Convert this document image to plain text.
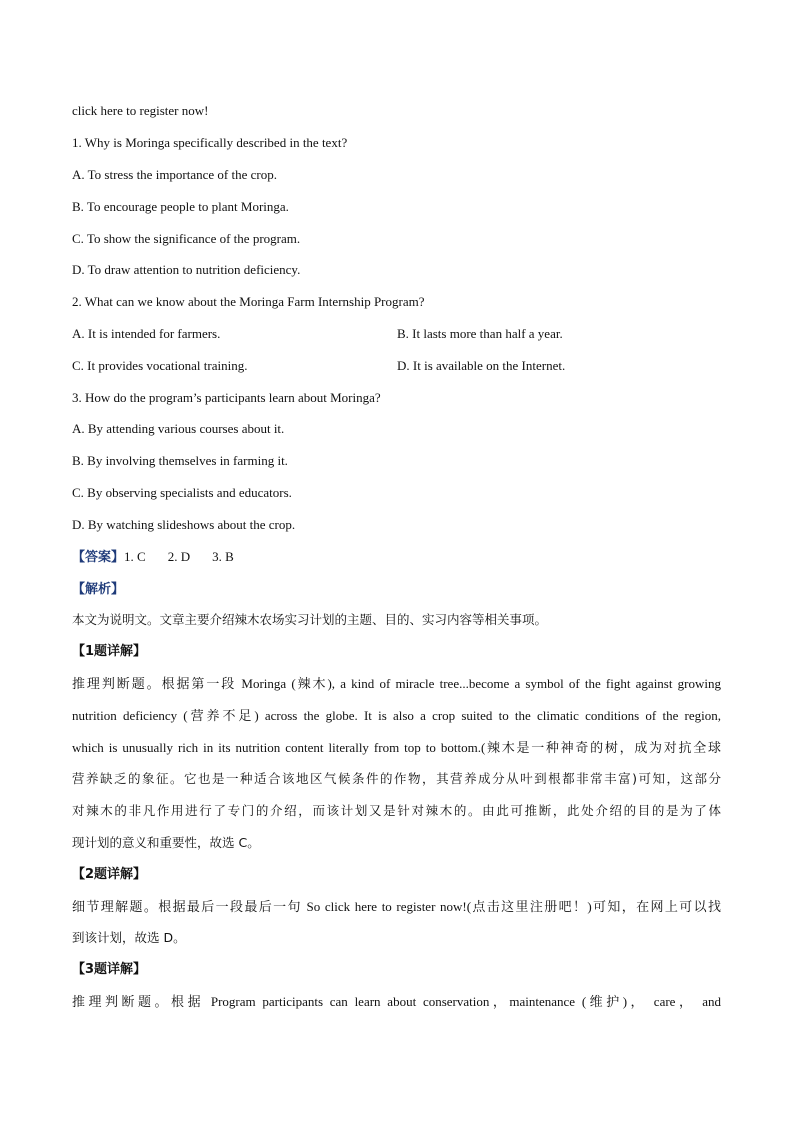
click here to register now!
1. Why is Moringa specifically described in the text?
A. To stress the importance of the crop.
B. To encourage people to plant Moringa.
C. To show the significance of the program.
D. To draw attention to nutrition deficiency.
2. What can we know about the Moringa Farm Internship Program?
A. It is intended for farmers.	B. It lasts more than half a year.
C. It provides vocational training.	D. It is available on the Internet.
3. How do the program’s participants learn about Moringa?
A. By attending various courses about it.
B. By involving themselves in farming it.
C. By observing specialists and educators.
D. By watching slideshows about the crop.
【答案】1. C 2. D 3. B
【解析】
本文为说明文。文章主要介绍辣木农场实习计划的主题、目的、实习内容等相关事项。
【1题详解】
推理判断题。根据第一段 Moringa (辣木), a kind of miracle tree...become a symbol of the fight against growing
nutrition deficiency (营养不足) across the globe. It is also a crop suited to the climatic conditions of the region,
which is unusually rich in its nutrition content literally from top to bottom.(辣木是一种神奇的树，成为对抗全球
营养缺乏的象征。它也是一种适合该地区气候条件的作物，其营养成分从叶到根都非常丰富)可知，这部分
对辣木的非凡作用进行了专门的介绍，而该计划又是针对辣木的。由此可推断，此处介绍的目的是为了体
现计划的意义和重要性，故选 C。
【2题详解】
细节理解题。根据最后一段最后一句 So click here to register now!(点击这里注册吧！)可知，在网上可以找
到该计划，故选 D。
【3题详解】
推理判断题。根据 Program participants can learn about conservation，maintenance (维护)， care， and
